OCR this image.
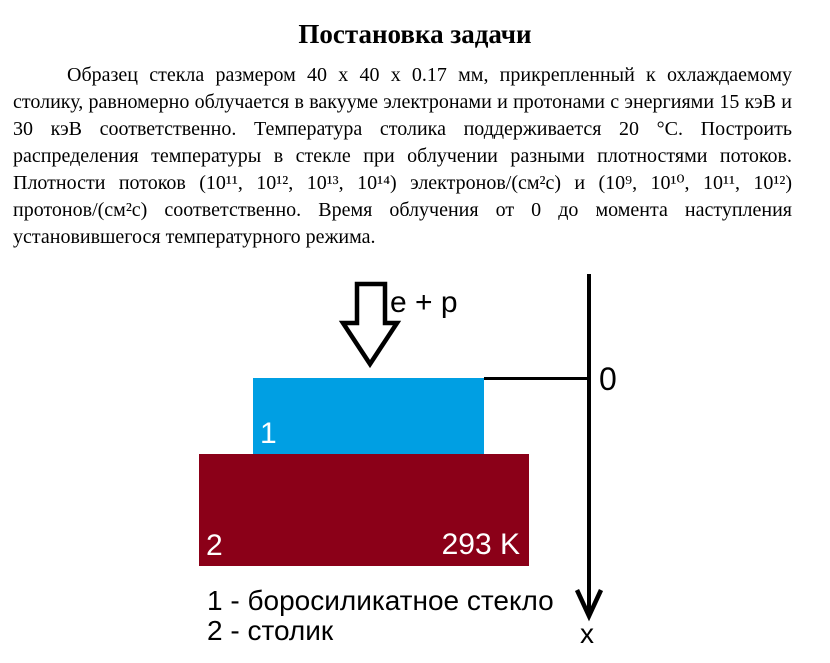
Постановка задачи
Образец стекла размером 40 x 40 x 0.17 мм, прикрепленный к охлаждаемому
столику, равномерно облучается в вакууме электронами и протонами с энергиями 15 кэВ и
30 кэВ соответственно. Температура столика поддерживается 20 °С. Построить
распределения температуры в стекле при облучении разными плотностями потоков.
Плотности потоков (10¹¹, 10¹², 10¹³, 10¹⁴) электронов/(см²с) и (10⁹, 10¹⁰, 10¹¹, 10¹²)
протонов/(см²с) соответственно. Время облучения от 0 до момента наступления
установившегося температурного режима.
e + p
1
2	293 K
0
x
1 - боросиликатное стекло
2 - столик
